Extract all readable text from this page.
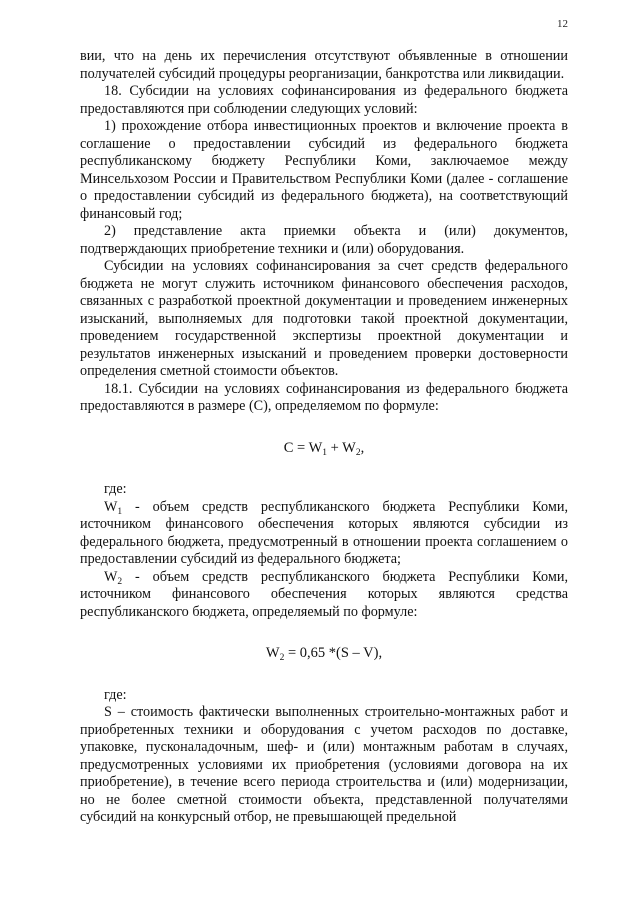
12

вии, что на день их перечисления отсутствуют объявленные в отношении получателей субсидий процедуры реорганизации, банкротства или ликвидации.

18. Субсидии на условиях софинансирования из федерального бюджета предоставляются при соблюдении следующих условий:

1) прохождение отбора инвестиционных проектов и включение проекта в соглашение о предоставлении субсидий из федерального бюджета республиканскому бюджету Республики Коми, заключаемое между Минсельхозом России и Правительством Республики Коми (далее - соглашение о предоставлении субсидий из федерального бюджета), на соответствующий финансовый год;

2) представление акта приемки объекта и (или) документов, подтверждающих приобретение техники и (или) оборудования.

Субсидии на условиях софинансирования за счет средств федерального бюджета не могут служить источником финансового обеспечения расходов, связанных с разработкой проектной документации и проведением инженерных изысканий, выполняемых для подготовки такой проектной документации, проведением государственной экспертизы проектной документации и результатов инженерных изысканий и проведением проверки достоверности определения сметной стоимости объектов.

18.1. Субсидии на условиях софинансирования из федерального бюджета предоставляются в размере (С), определяемом по формуле:

$C = W_1 + W_2$,

где:

$W_1$ - объем средств республиканского бюджета Республики Коми, источником финансового обеспечения которых являются субсидии из федерального бюджета, предусмотренный в отношении проекта соглашением о предоставлении субсидий из федерального бюджета;

$W_2$ - объем средств республиканского бюджета Республики Коми, источником финансового обеспечения которых являются средства республиканского бюджета, определяемый по формуле:

$W_2 = 0,65$ *(S – V),

где:

S – стоимость фактически выполненных строительно-монтажных работ и приобретенных техники и оборудования с учетом расходов по доставке, упаковке, пусконаладочным, шеф- и (или) монтажным работам в случаях, предусмотренных условиями их приобретения (условиями договора на их приобретение), в течение всего периода строительства и (или) модернизации, но не более сметной стоимости объекта, представленной получателями субсидий на конкурсный отбор, не превышающей предельной
